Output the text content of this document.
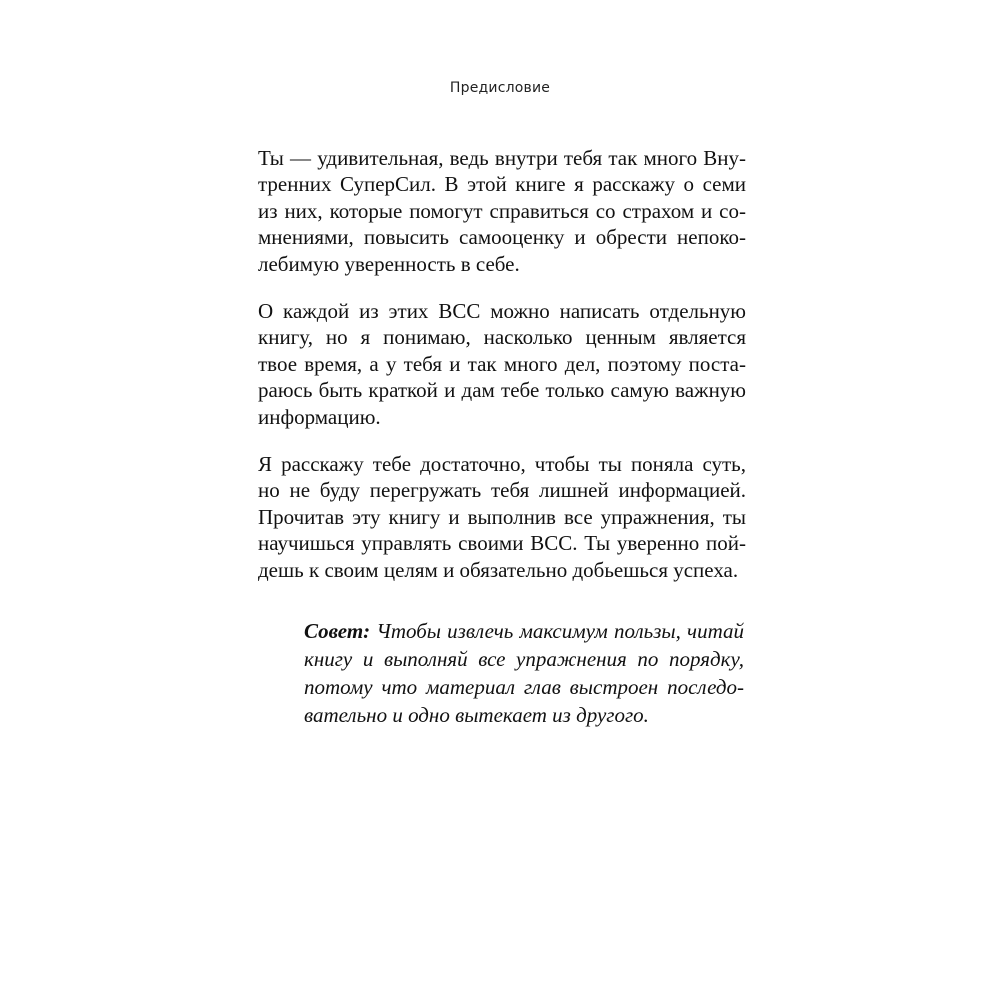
Предисловие
Ты — удивительная, ведь внутри тебя так много Вну-
тренних СуперСил. В этой книге я расскажу о семи
из них, которые помогут справиться со страхом и со-
мнениями, повысить самооценку и обрести непоко-
лебимую уверенность в себе.
О каждой из этих ВСС можно написать отдельную
книгу, но я понимаю, насколько ценным является
твое время, а у тебя и так много дел, поэтому поста-
раюсь быть краткой и дам тебе только самую важную
информацию.
Я расскажу тебе достаточно, чтобы ты поняла суть,
но не буду перегружать тебя лишней информацией.
Прочитав эту книгу и выполнив все упражнения, ты
научишься управлять своими ВСС. Ты уверенно пой-
дешь к своим целям и обязательно добьешься успеха.
Совет: Чтобы извлечь максимум пользы, читай
книгу и выполняй все упражнения по порядку,
потому что материал глав выстроен последо-
вательно и одно вытекает из другого.
